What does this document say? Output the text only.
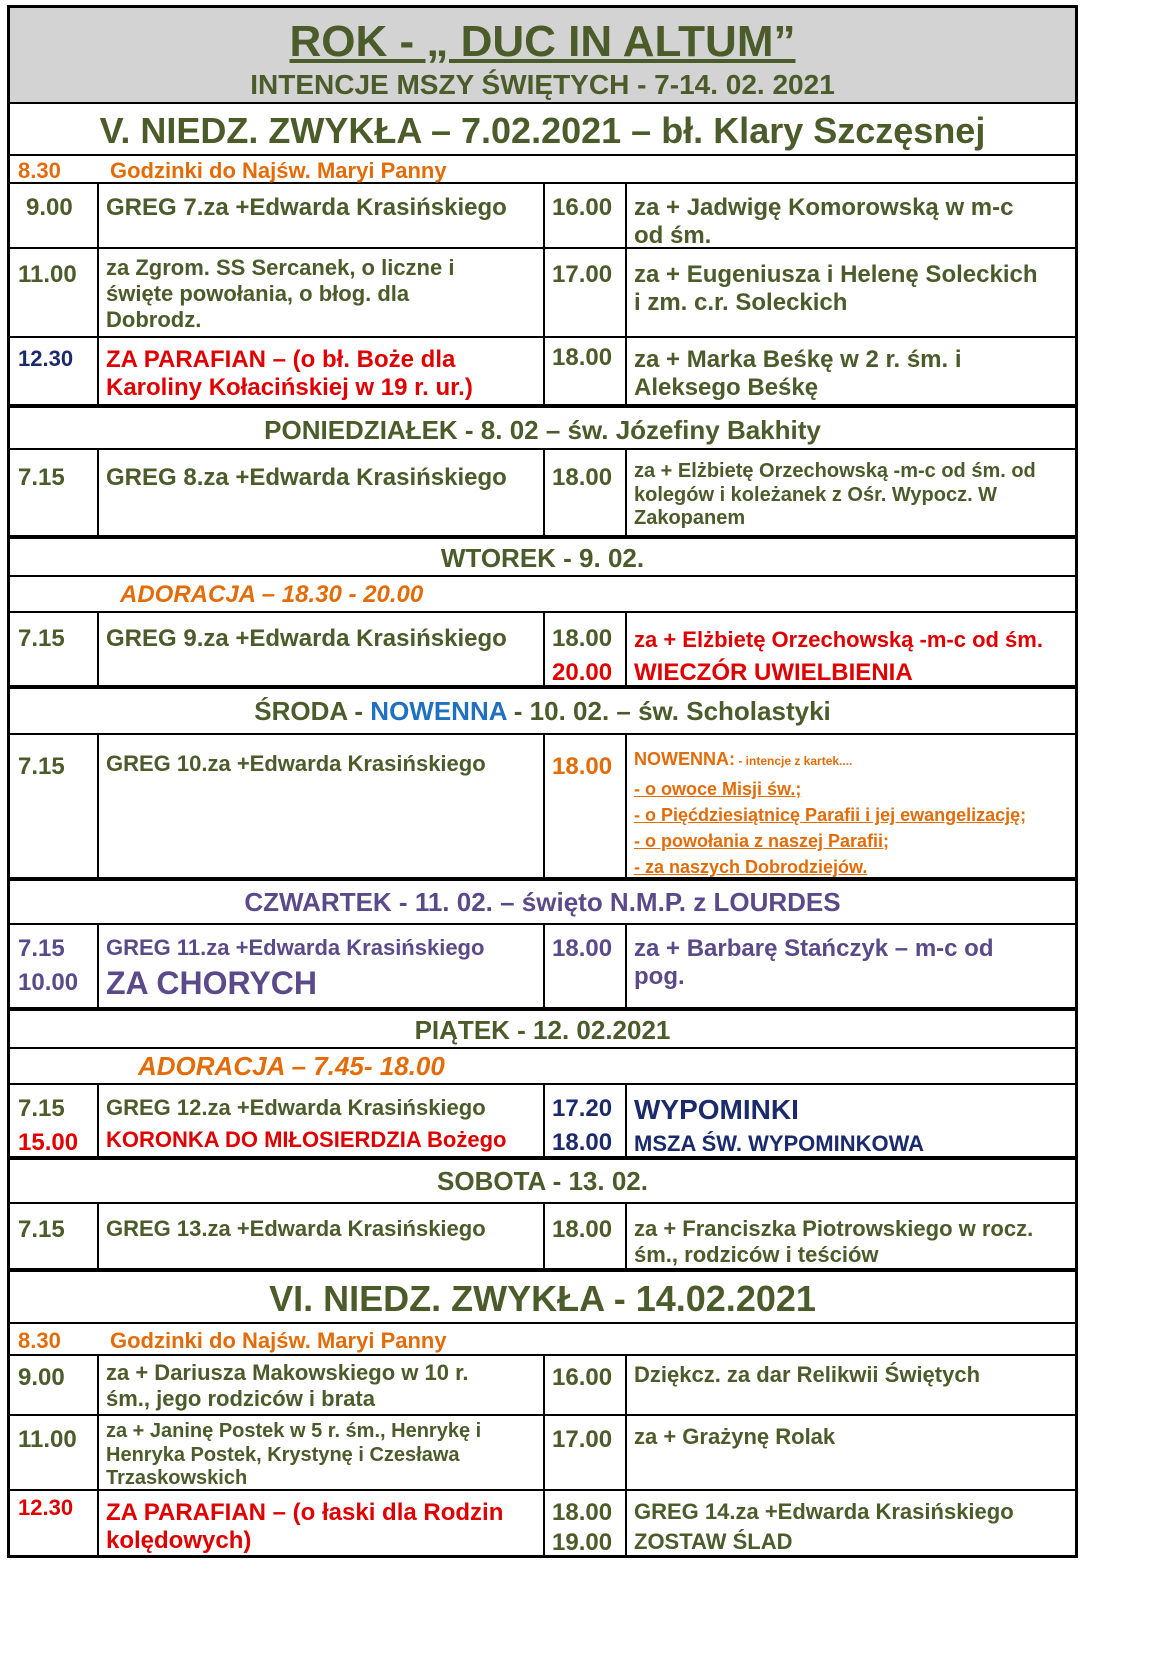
ROK - „ DUC IN ALTUM”
INTENCJE MSZY ŚWIĘTYCH - 7-14. 02. 2021
V. NIEDZ. ZWYKŁA – 7.02.2021 – bł. Klary Szczęsnej
8.30 Godzinki do Najśw. Maryi Panny
9.00 GREG 7.za +Edwarda Krasińskiego 16.00 za + Jadwigę Komorowską w m-c
od śm.
11.00 za Zgrom. SS Sercanek, o liczne i
święte powołania, o błog. dla
Dobrodz.
17.00 za + Eugeniusza i Helenę Soleckich
i zm. c.r. Soleckich
12.30 ZA PARAFIAN – (o bł. Boże dla
Karoliny Kołacińskiej w 19 r. ur.)
18.00 za + Marka Beśkę w 2 r. śm. i
Aleksego Beśkę
PONIEDZIAŁEK - 8. 02 – św. Józefiny Bakhity
7.15 GREG 8.za +Edwarda Krasińskiego 18.00 za + Elżbietę Orzechowską -m-c od śm. od
kolegów i koleżanek z Ośr. Wypocz. W
Zakopanem
WTOREK - 9. 02.
ADORACJA – 18.30 - 20.00
7.15 GREG 9.za +Edwarda Krasińskiego 18.00 za + Elżbietę Orzechowską -m-c od śm.
20.00 WIECZÓR UWIELBIENIA
ŚRODA - NOWENNA - 10. 02. – św. Scholastyki
7.15 GREG 10.za +Edwarda Krasińskiego	18.00 NOWENNA: - intencje z kartek....
- o owoce Misji św.;
- o Pięćdziesiątnicę Parafii i jej ewangelizację;
- o powołania z naszej Parafii;
- za naszych Dobrodziejów.
CZWARTEK - 11. 02. – święto N.M.P. z LOURDES
7.15
10.00
GREG 11.za +Edwarda Krasińskiego
ZA CHORYCH
18.00 za + Barbarę Stańczyk – m-c od
pog.
PIĄTEK - 12. 02.2021
ADORACJA – 7.45- 18.00
7.15
15.00
GREG 12.za +Edwarda Krasińskiego
KORONKA DO MIŁOSIERDZIA Bożego
17.20
18.00
WYPOMINKI
MSZA ŚW. WYPOMINKOWA
SOBOTA - 13. 02.
7.15 GREG 13.za +Edwarda Krasińskiego	18.00 za + Franciszka Piotrowskiego w rocz.
śm., rodziców i teściów
VI. NIEDZ. ZWYKŁA - 14.02.2021
8.30 Godzinki do Najśw. Maryi Panny
9.00 za + Dariusza Makowskiego w 10 r.
śm., jego rodziców i brata
16.00 Dziękcz. za dar Relikwii Świętych
11.00 za + Janinę Postek w 5 r. śm., Henrykę i
Henryka Postek, Krystynę i Czesława
Trzaskowskich
17.00 za + Grażynę Rolak
12.30 ZA PARAFIAN – (o łaski dla Rodzin
kolędowych)
18.00
19.00
GREG 14.za +Edwarda Krasińskiego
ZOSTAW ŚLAD
